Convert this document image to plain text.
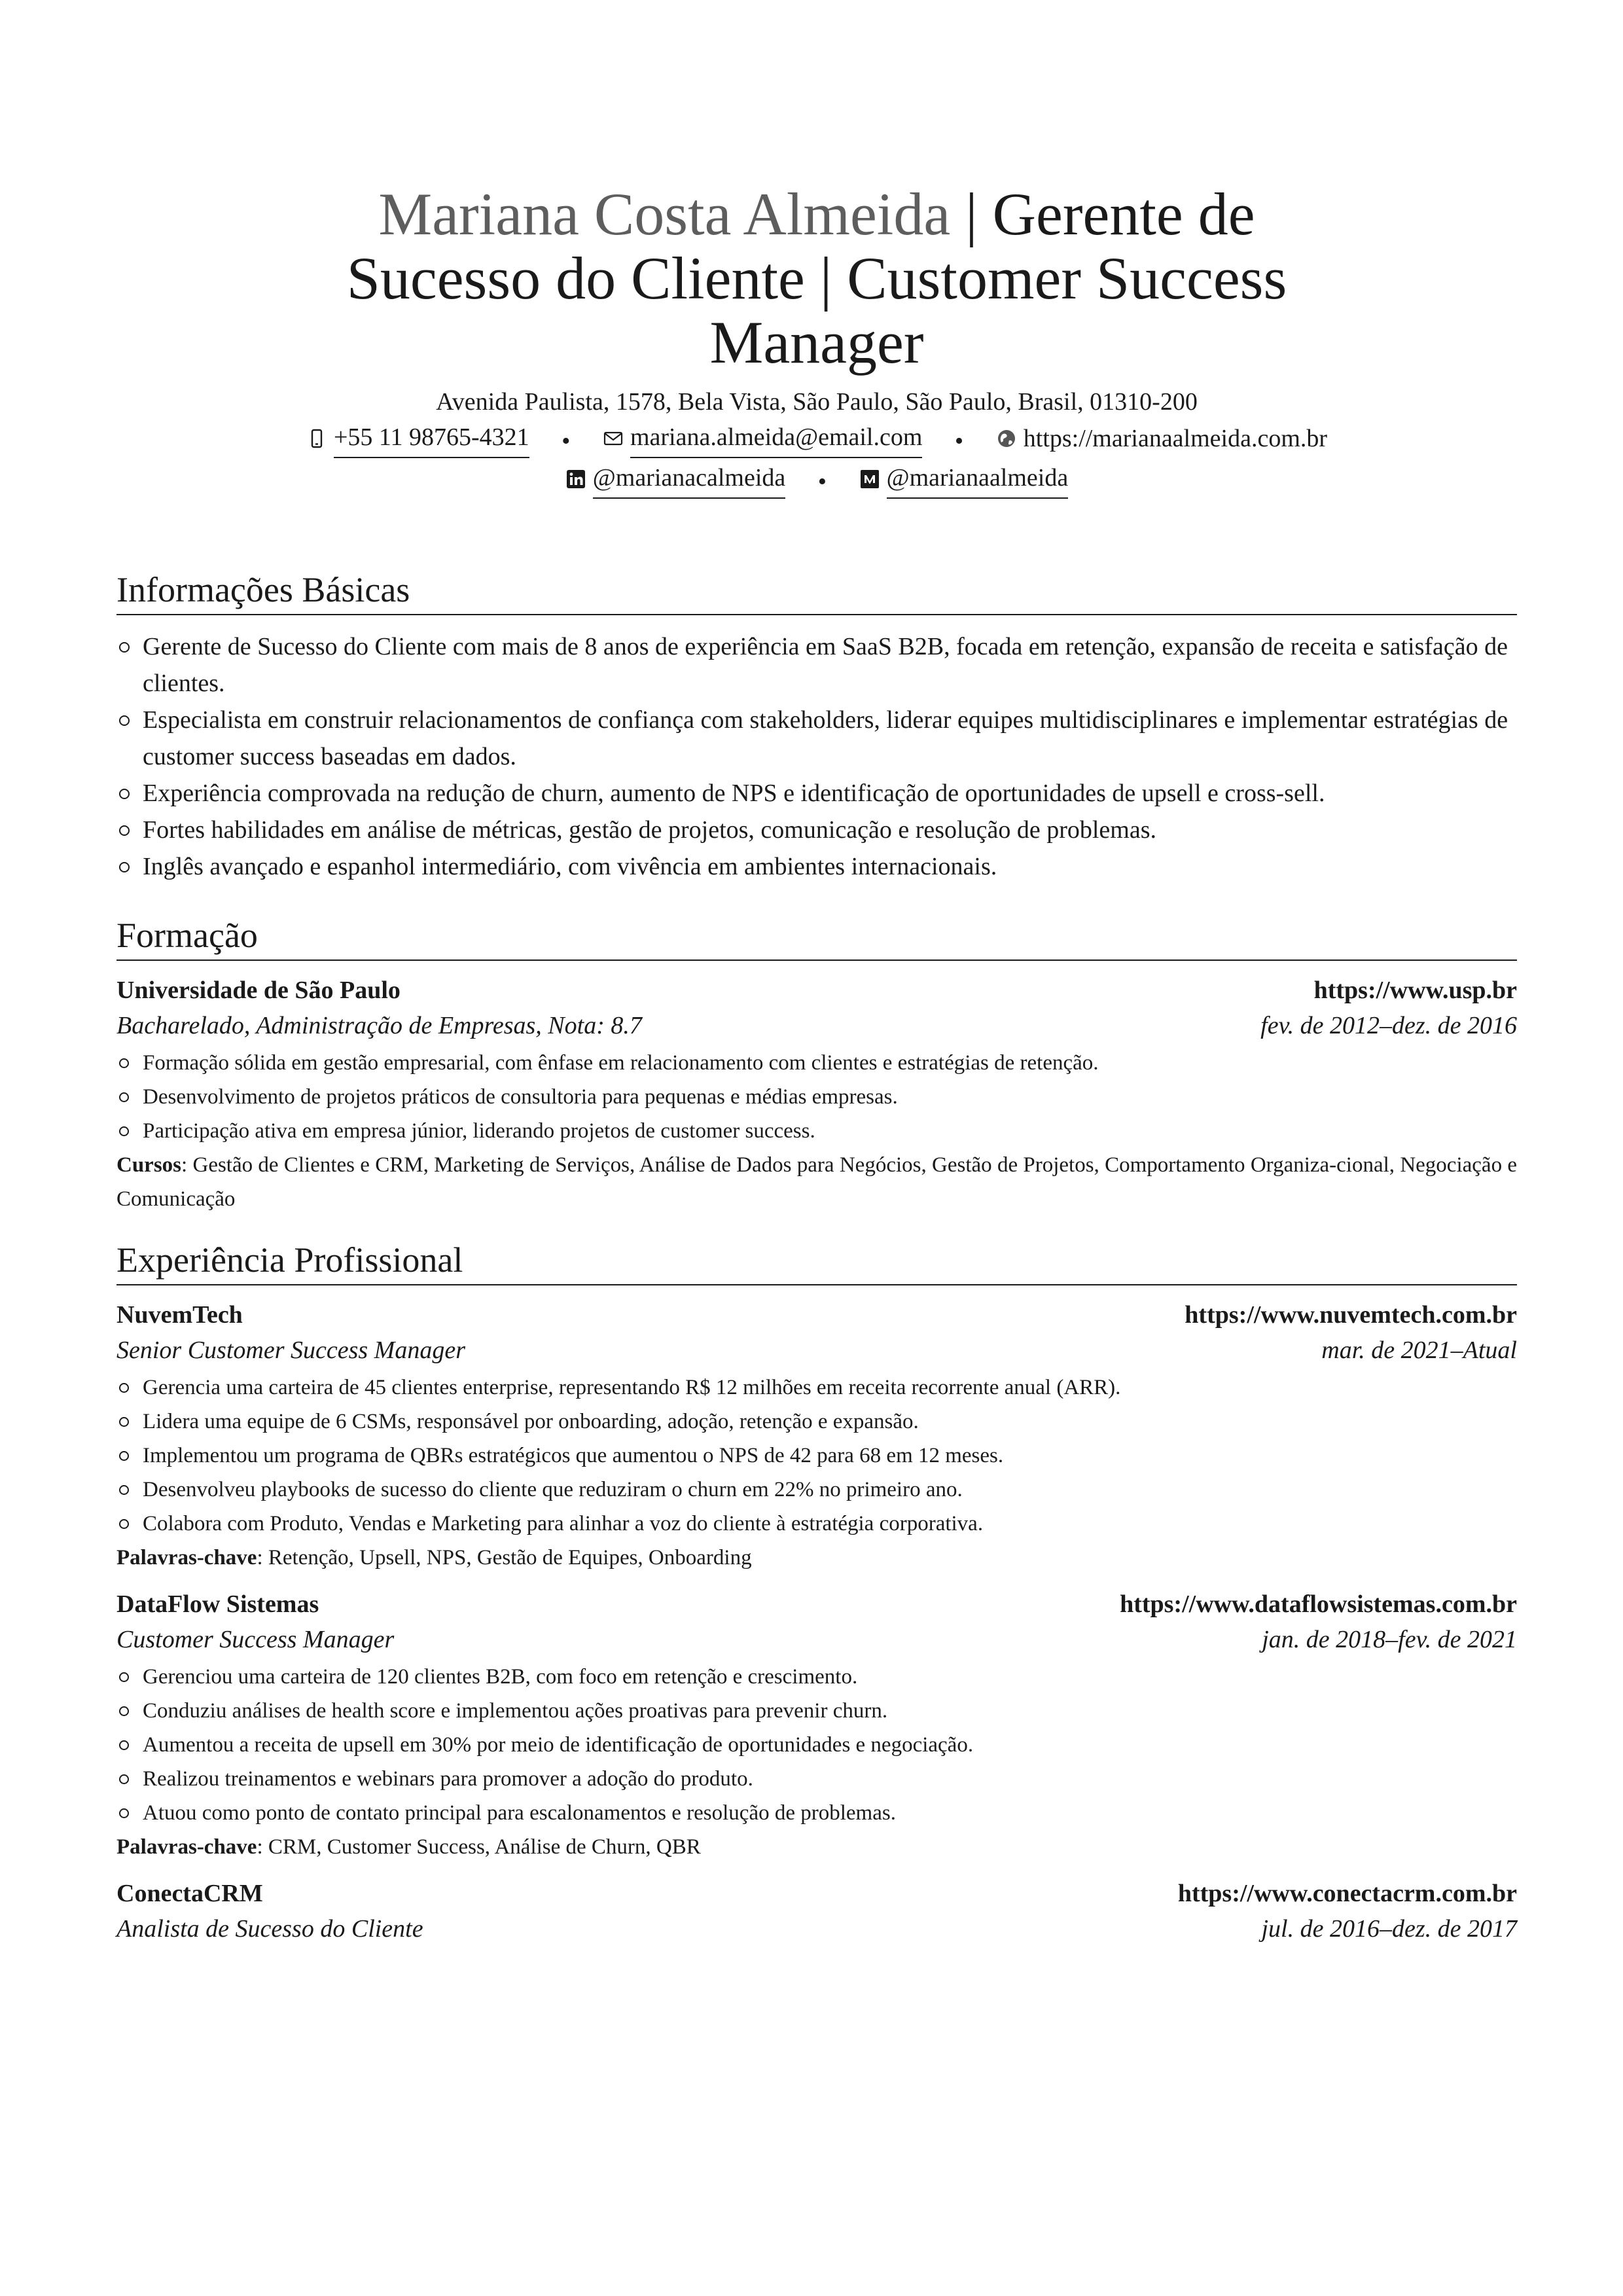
Mariana Costa Almeida | Gerente de
Sucesso do Cliente | Customer Success
Manager
Avenida Paulista, 1578, Bela Vista, São Paulo, São Paulo, Brasil, 01310-200
+55 11 98765-4321 • mariana.almeida@email.com • https://marianaalmeida.com.br
@marianacalmeida • @marianaalmeida
Informações Básicas
Gerente de Sucesso do Cliente com mais de 8 anos de experiência em SaaS B2B, focada em retenção, expansão de receita e satisfação de clientes.
Especialista em construir relacionamentos de confiança com stakeholders, liderar equipes multidisciplinares e implementar estratégias de customer success baseadas em dados.
Experiência comprovada na redução de churn, aumento de NPS e identificação de oportunidades de upsell e cross-sell.
Fortes habilidades em análise de métricas, gestão de projetos, comunicação e resolução de problemas.
Inglês avançado e espanhol intermediário, com vivência em ambientes internacionais.
Formação
Universidade de São Paulo	https://www.usp.br
Bacharelado, Administração de Empresas, Nota: 8.7	fev. de 2012–dez. de 2016
Formação sólida em gestão empresarial, com ênfase em relacionamento com clientes e estratégias de retenção.
Desenvolvimento de projetos práticos de consultoria para pequenas e médias empresas.
Participação ativa em empresa júnior, liderando projetos de customer success.
Cursos: Gestão de Clientes e CRM, Marketing de Serviços, Análise de Dados para Negócios, Gestão de Projetos, Comportamento Organiza-cional, Negociação e Comunicação
Experiência Profissional
NuvemTech	https://www.nuvemtech.com.br
Senior Customer Success Manager	mar. de 2021–Atual
Gerencia uma carteira de 45 clientes enterprise, representando R$ 12 milhões em receita recorrente anual (ARR).
Lidera uma equipe de 6 CSMs, responsável por onboarding, adoção, retenção e expansão.
Implementou um programa de QBRs estratégicos que aumentou o NPS de 42 para 68 em 12 meses.
Desenvolveu playbooks de sucesso do cliente que reduziram o churn em 22% no primeiro ano.
Colabora com Produto, Vendas e Marketing para alinhar a voz do cliente à estratégia corporativa.
Palavras-chave: Retenção, Upsell, NPS, Gestão de Equipes, Onboarding
DataFlow Sistemas	https://www.dataflowsistemas.com.br
Customer Success Manager	jan. de 2018–fev. de 2021
Gerenciou uma carteira de 120 clientes B2B, com foco em retenção e crescimento.
Conduziu análises de health score e implementou ações proativas para prevenir churn.
Aumentou a receita de upsell em 30% por meio de identificação de oportunidades e negociação.
Realizou treinamentos e webinars para promover a adoção do produto.
Atuou como ponto de contato principal para escalonamentos e resolução de problemas.
Palavras-chave: CRM, Customer Success, Análise de Churn, QBR
ConectaCRM	https://www.conectacrm.com.br
Analista de Sucesso do Cliente	jul. de 2016–dez. de 2017
